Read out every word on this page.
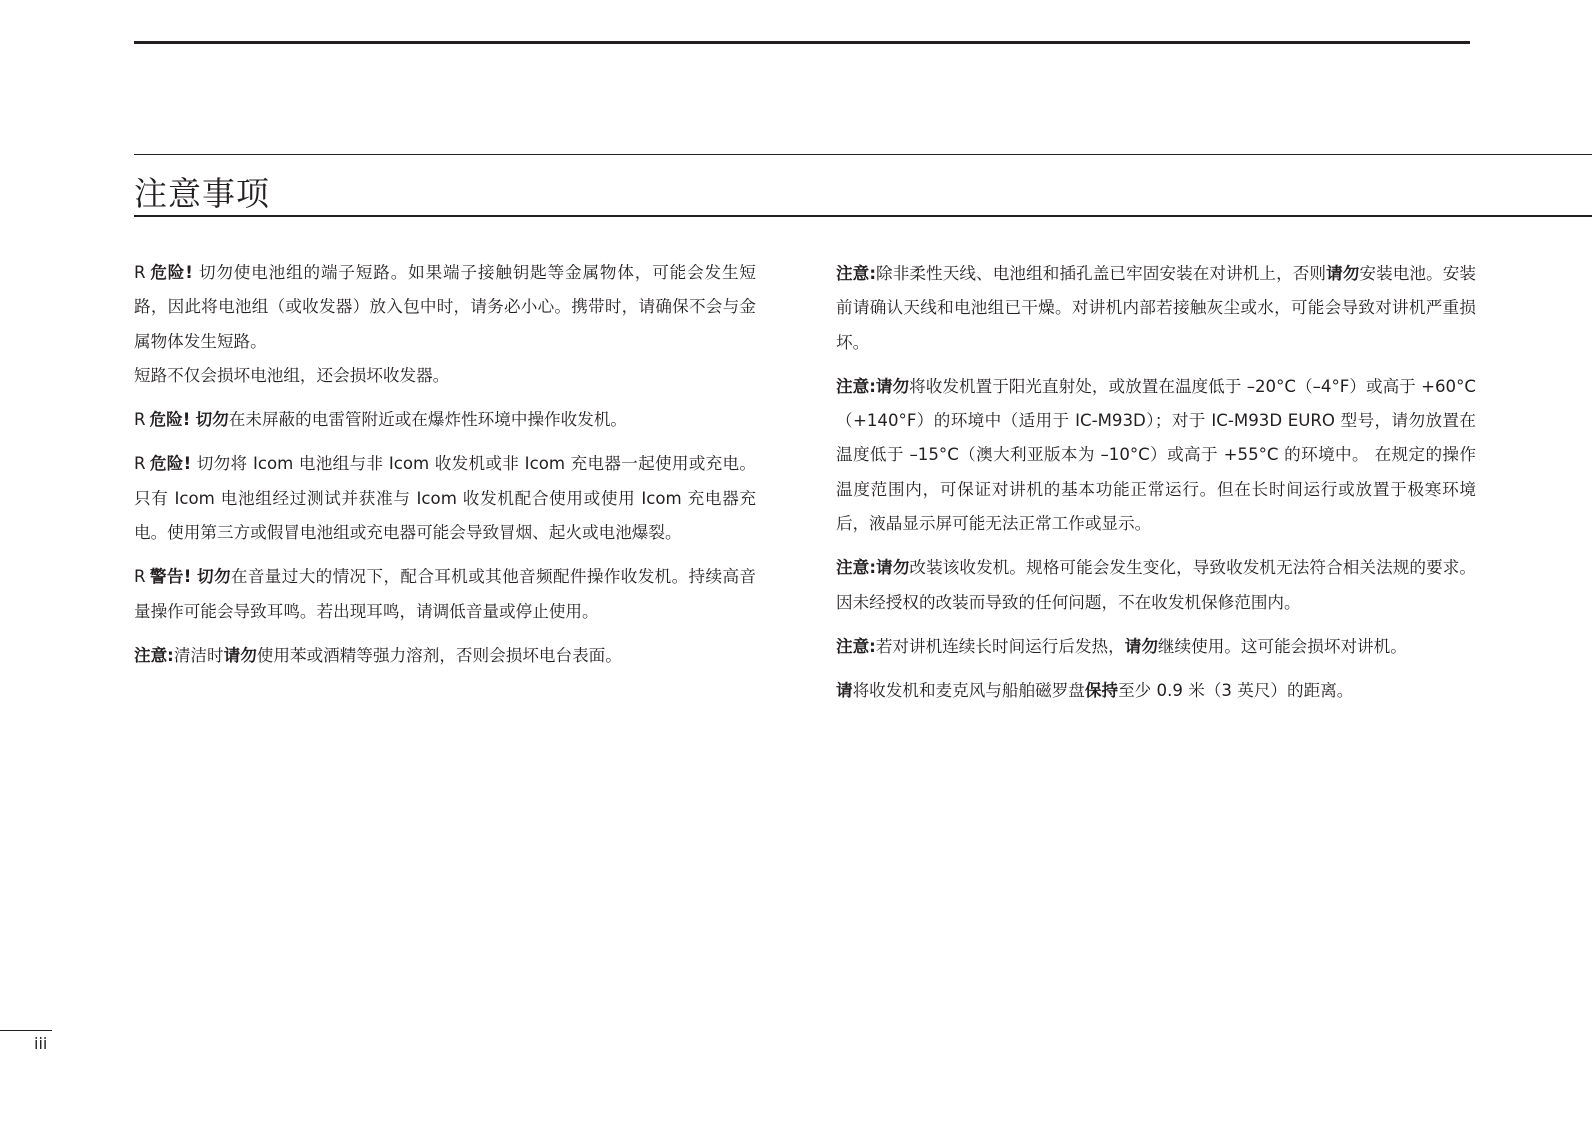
注意事项

R 危险! 切勿使电池组的端子短路。如果端子接触钥匙等金属物体，可能会发生短路，因此将电池组（或收发器）放入包中时，请务必小心。携带时，请确保不会与金属物体发生短路。

短路不仅会损坏电池组，还会损坏收发器。

R 危险! 切勿在未屏蔽的电雷管附近或在爆炸性环境中操作收发机。

R 危险! 切勿将 Icom 电池组与非 Icom 收发机或非 Icom 充电器一起使用或充电。只有 Icom 电池组经过测试并获准与 Icom 收发机配合使用或使用 Icom 充电器充电。使用第三方或假冒电池组或充电器可能会导致冒烟、起火或电池爆裂。

R 警告! 切勿在音量过大的情况下，配合耳机或其他音频配件操作收发机。持续高音量操作可能会导致耳鸣。若出现耳鸣，请调低音量或停止使用。

注意:清洁时请勿使用苯或酒精等强力溶剂，否则会损坏电台表面。

注意:除非柔性天线、电池组和插孔盖已牢固安装在对讲机上，否则请勿安装电池。安装前请确认天线和电池组已干燥。对讲机内部若接触灰尘或水，可能会导致对讲机严重损坏。

注意:请勿将收发机置于阳光直射处，或放置在温度低于 –20°C（–4°F）或高于 +60°C（+140°F）的环境中（适用于 IC-M93D）；对于 IC-M93D EURO 型号，请勿放置在温度低于 –15°C（澳大利亚版本为 –10°C）或高于 +55°C 的环境中。 在规定的操作温度范围内，可保证对讲机的基本功能正常运行。但在长时间运行或放置于极寒环境后，液晶显示屏可能无法正常工作或显示。

注意:请勿改装该收发机。规格可能会发生变化，导致收发机无法符合相关法规的要求。因未经授权的改装而导致的任何问题，不在收发机保修范围内。

注意:若对讲机连续长时间运行后发热，请勿继续使用。这可能会损坏对讲机。

请将收发机和麦克风与船舶磁罗盘保持至少 0.9 米（3 英尺）的距离。

iii
